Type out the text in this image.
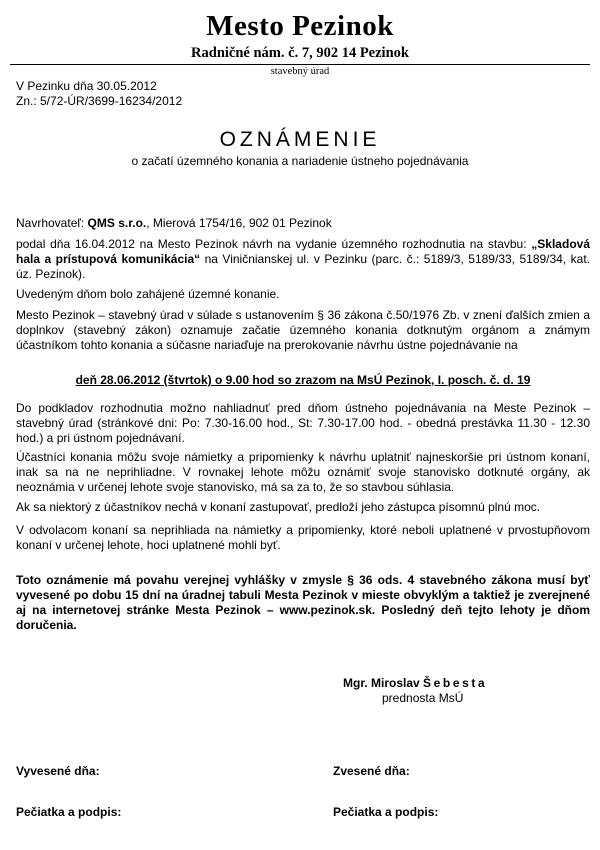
Mesto Pezinok
Radničné nám. č. 7, 902 14 Pezinok
stavebný úrad
V Pezinku dňa 30.05.2012
Zn.: 5/72-ÚR/3699-16234/2012
OZNÁMENIE
o začatí územného konania a nariadenie ústneho pojednávania
Navrhovateľ: QMS s.r.o., Mierová 1754/16, 902 01 Pezinok
podal dňa 16.04.2012 na Mesto Pezinok návrh na vydanie územného rozhodnutia na stavbu: „Skladová hala a prístupová komunikácia“ na Viničnianskej ul. v Pezinku (parc. č.: 5189/3, 5189/33, 5189/34, kat. úz. Pezinok).
Uvedeným dňom bolo zahájené územné konanie.
Mesto Pezinok – stavebný úrad v súlade s ustanovením § 36 zákona č.50/1976 Zb. v znení ďalších zmien a doplnkov (stavebný zákon) oznamuje začatie územného konania dotknutým orgánom a známym účastníkom tohto konania a súčasne nariaďuje na prerokovanie návrhu ústne pojednávanie na
deň 28.06.2012 (štvrtok) o 9.00 hod so zrazom na MsÚ Pezinok, I. posch. č. d. 19
Do podkladov rozhodnutia možno nahliadnuť pred dňom ústneho pojednávania na Meste Pezinok – stavebný úrad (stránkové dni: Po: 7.30-16.00 hod., St: 7.30-17.00 hod. - obedná prestávka 11.30 - 12.30 hod.) a pri ústnom pojednávaní.
Účastníci konania môžu svoje námietky a pripomienky k návrhu uplatniť najneskoršie pri ústnom konaní, inak sa na ne neprihliadne. V rovnakej lehote môžu oznámiť svoje stanovisko dotknuté orgány, ak neoznámia v určenej lehote svoje stanovisko, má sa za to, že so stavbou súhlasia.
Ak sa niektorý z účastníkov nechá v konaní zastupovať, predloží jeho zástupca písomnú plnú moc.
V odvolacom konaní sa neprihliada na námietky a pripomienky, ktoré neboli uplatnené v prvostupňovom konaní v určenej lehote, hoci uplatnené mohli byť.
Toto oznámenie má povahu verejnej vyhlášky v zmysle § 36 ods. 4 stavebného zákona musí byť vyvesené po dobu 15 dní na úradnej tabuli Mesta Pezinok v mieste obvyklým a taktiež je zverejnené aj na internetovej stránke Mesta Pezinok – www.pezinok.sk. Posledný deň tejto lehoty je dňom doručenia.
Mgr. Miroslav Šebesta
prednosta MsÚ
Vyvesené dňa:	Zvesené dňa:
Pečiatka a podpis:	Pečiatka a podpis:
